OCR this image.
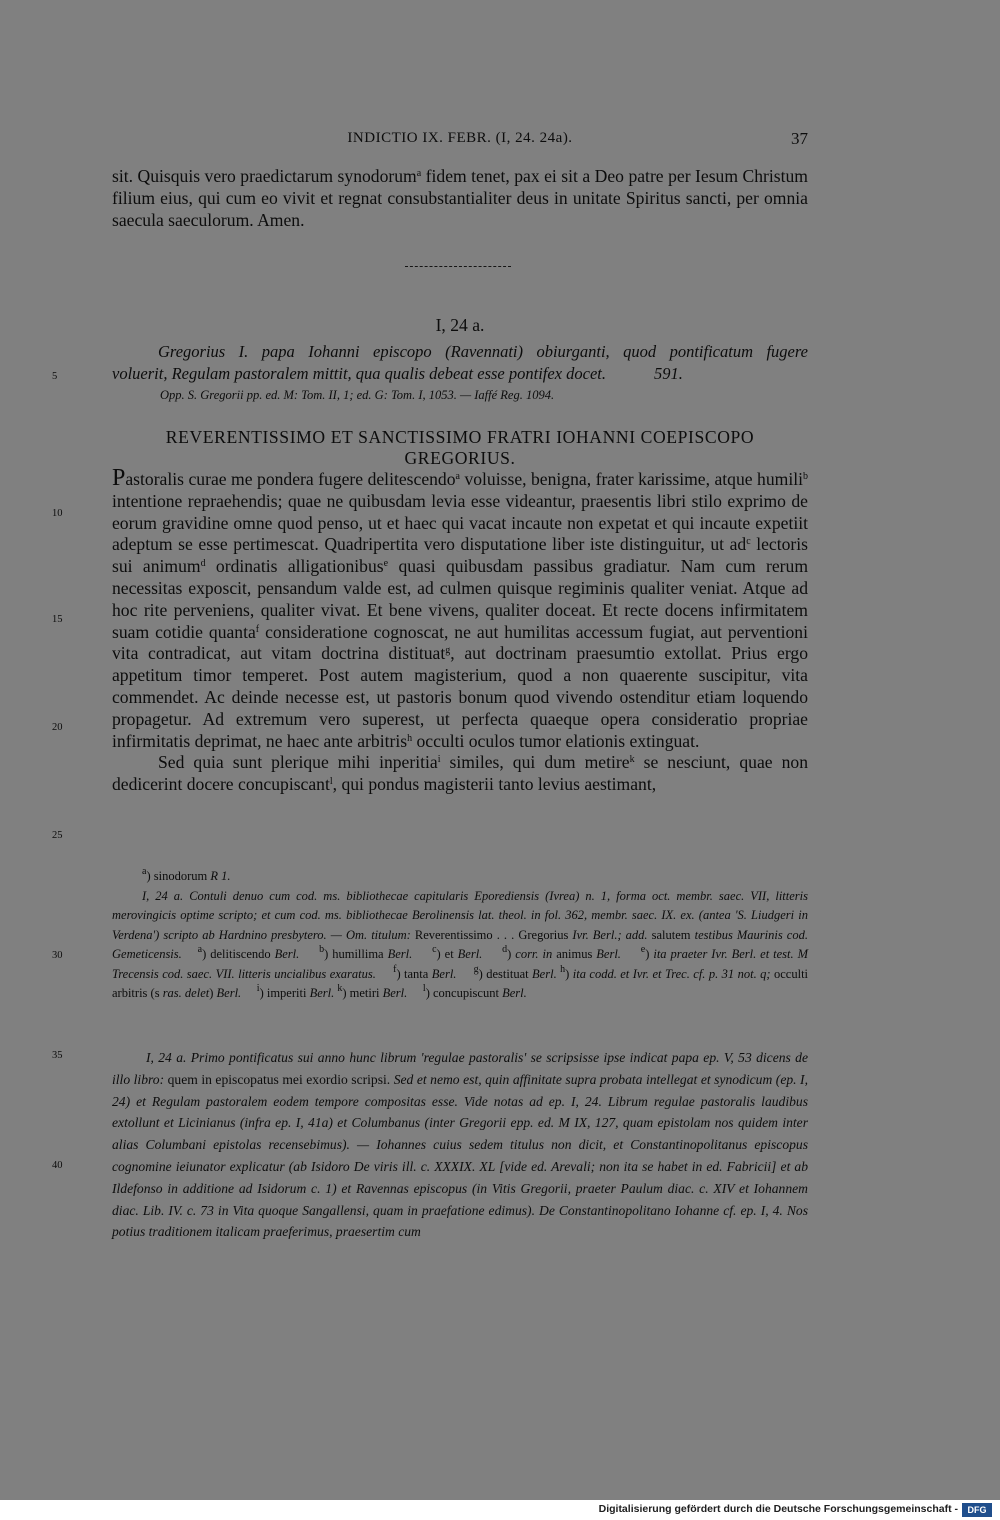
INDICTIO IX. FEBR. (I, 24. 24a).	37

sit. Quisquis vero praedictarum synodorum$^a$ fidem tenet, pax ei sit a Deo patre per Iesum Christum filium eius, qui cum eo vivit et regnat consubstantialiter deus in unitate Spiritus sancti, per omnia saecula saeculorum. Amen.

I, 24 a.
Gregorius I. papa Iohanni episcopo (Ravennati) obiurganti, quod pontificatum fugere
voluerit, Regulam pastoralem mittit, qua qualis debeat esse pontifex docet.	591.
Opp. S. Gregorii pp. ed. M: Tom. II, 1; ed. G: Tom. I, 1053. — Iaffé Reg. 1094.
REVERENTISSIMO ET SANCTISSIMO FRATRI IOHANNI COEPISCOPO
GREGORIUS.

Pastoralis curae me pondera fugere delitescendo$^a$ voluisse, benigna, frater karissime, atque humili$^b$ intentione repraehendis; quae ne quibusdam levia esse videantur, praesentis libri stilo exprimo de eorum gravidine omne quod penso, ut et haec qui vacat incaute non expetat et qui incaute expetiit adeptum se esse pertimescat. Quadripertita vero disputatione liber iste distinguitur, ut $ad^c$ lectoris sui animum$^d$ ordinatis alligationibus$^e$ quasi quibusdam passibus gradiatur. Nam cum rerum necessitas exposcit, pensandum valde est, ad culmen quisque regiminis qualiter veniat. Atque ad hoc rite perveniens, qualiter vivat. Et bene vivens, qualiter doceat. Et recte docens infirmitatem suam cotidie quanta$^f$ consideratione cognoscat, ne aut humilitas accessum fugiat, aut perventioni vita contradicat, aut vitam doctrina distituat$^g$, aut doctrinam praesumtio extollat. Prius ergo appetitum timor temperet. Post autem magisterium, quod a non quaerente suscipitur, vita commendet. Ac deinde necesse est, ut pastoris bonum quod vivendo ostenditur etiam loquendo propagetur. Ad extremum vero superest, ut perfecta quaeque opera consideratio propriae infirmitatis deprimat, ne haec ante arbitris$^h$ occulti oculos tumor elationis extinguat.

Sed quia sunt plerique mihi inperitia$^i$ similes, qui dum metire$^k$ se nesciunt, quae non dedicerint docere concupiscant$^l$, qui pondus magisterii tanto levius aestimant,

5
10
15
20
25
30
35
40

$^a$) sinodorum R 1.

I, 24 a. Contuli denuo cum cod. ms. bibliothecae capitularis Eporediensis (Ivrea) n. 1, forma oct. membr. saec. VII, litteris merovingicis optime scripto; et cum cod. ms. bibliothecae Berolinensis lat. theol. in fol. 362, membr. saec. IX. ex. (antea 'S. Liudgeri in Verdena') scripto ab Hardnino presbytero. — Om. titulum: Reverentissimo . . . Gregorius Ivr. Berl.; add. salutem testibus Maurinis cod. Gemeticensis. $^a$) delitiscendo Berl. $^b$) humillima Berl. $^c$) et Berl. $^d$) corr. in animus Berl. $^e$) ita praeter Ivr. Berl. et test. M Trecensis cod. saec. VII. litteris uncialibus exaratus. $^f$) tanta Berl. $^g$) destituat Berl. $^h$) ita codd. et Ivr. et Trec. cf. p. 31 not. q; occulti arbitris (s ras. delet) Berl. $^i$) imperiti Berl. $^k$) metiri Berl. $^l$) concupiscunt Berl.

I, 24 a. Primo pontificatus sui anno hunc librum 'regulae pastoralis' se scripsisse ipse indicat papa ep. V, 53 dicens de illo libro: quem in episcopatus mei exordio scripsi. Sed et nemo est, quin affinitate supra probata intellegat et synodicum (ep. I, 24) et Regulam pastoralem eodem tempore compositas esse. Vide notas ad ep. I, 24. Librum regulae pastoralis laudibus extollunt et Licinianus (infra ep. I, 41a) et Columbanus (inter Gregorii epp. ed. M IX, 127, quam epistolam nos quidem inter alias Columbani epistolas recensebimus). — Iohannes cuius sedem titulus non dicit, et Constantinopolitanus episcopus cognomine ieiunator explicatur (ab Isidoro De viris ill. c. XXXIX. XL [vide ed. Arevali; non ita se habet in ed. Fabricii] et ab Ildefonso in additione ad Isidorum c. 1) et Ravennas episcopus (in Vitis Gregorii, praeter Paulum diac. c. XIV et Iohannem diac. Lib. IV. c. 73 in Vita quoque Sangallensi, quam in praefatione edimus). De Constantinopolitano Iohanne cf. ep. I, 4. Nos potius traditionem italicam praeferimus, praesertim cum

Digitalisierung gefördert durch die Deutsche Forschungsgemeinschaft -	DFG
